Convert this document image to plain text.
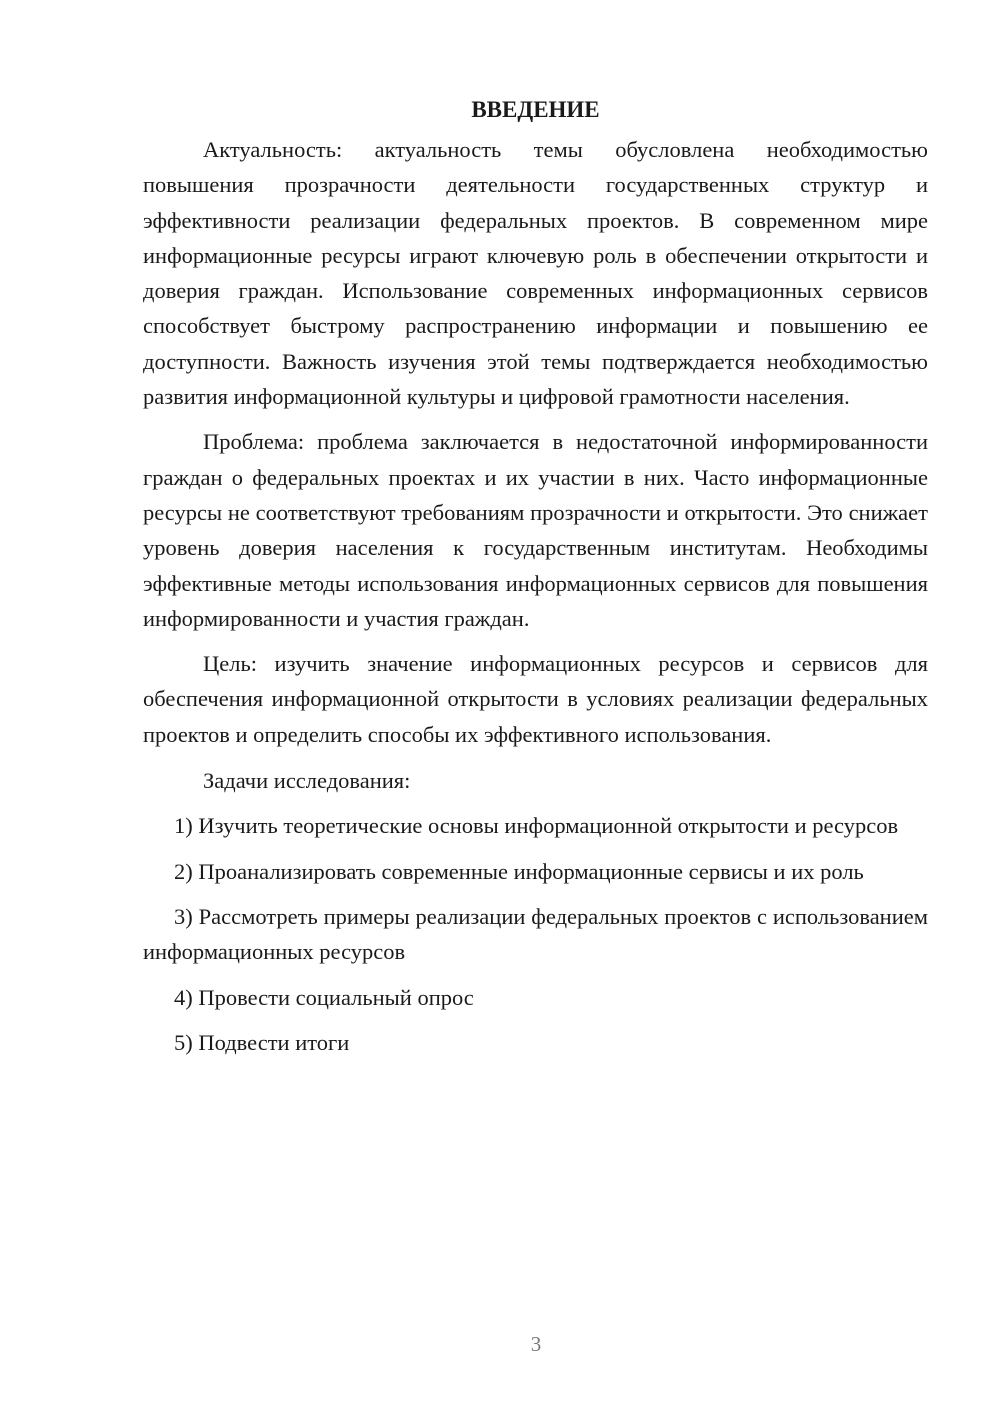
ВВЕДЕНИЕ

Актуальность: актуальность темы обусловлена необходимостью повышения прозрачности деятельности государственных структур и эффективности реализации федеральных проектов. В современном мире информационные ресурсы играют ключевую роль в обеспечении открытости и доверия граждан. Использование современных информационных сервисов способствует быстрому распространению информации и повышению ее доступности. Важность изучения этой темы подтверждается необходимостью развития информационной культуры и цифровой грамотности населения.

Проблема: проблема заключается в недостаточной информированности граждан о федеральных проектах и их участии в них. Часто информационные ресурсы не соответствуют требованиям прозрачности и открытости. Это снижает уровень доверия населения к государственным институтам. Необходимы эффективные методы использования информационных сервисов для повышения информированности и участия граждан.

Цель: изучить значение информационных ресурсов и сервисов для обеспечения информационной открытости в условиях реализации федеральных проектов и определить способы их эффективного использования.

Задачи исследования:

1) Изучить теоретические основы информационной открытости и ресурсов

2) Проанализировать современные информационные сервисы и их роль

3) Рассмотреть примеры реализации федеральных проектов с использованием информационных ресурсов

4) Провести социальный опрос

5) Подвести итоги

3
